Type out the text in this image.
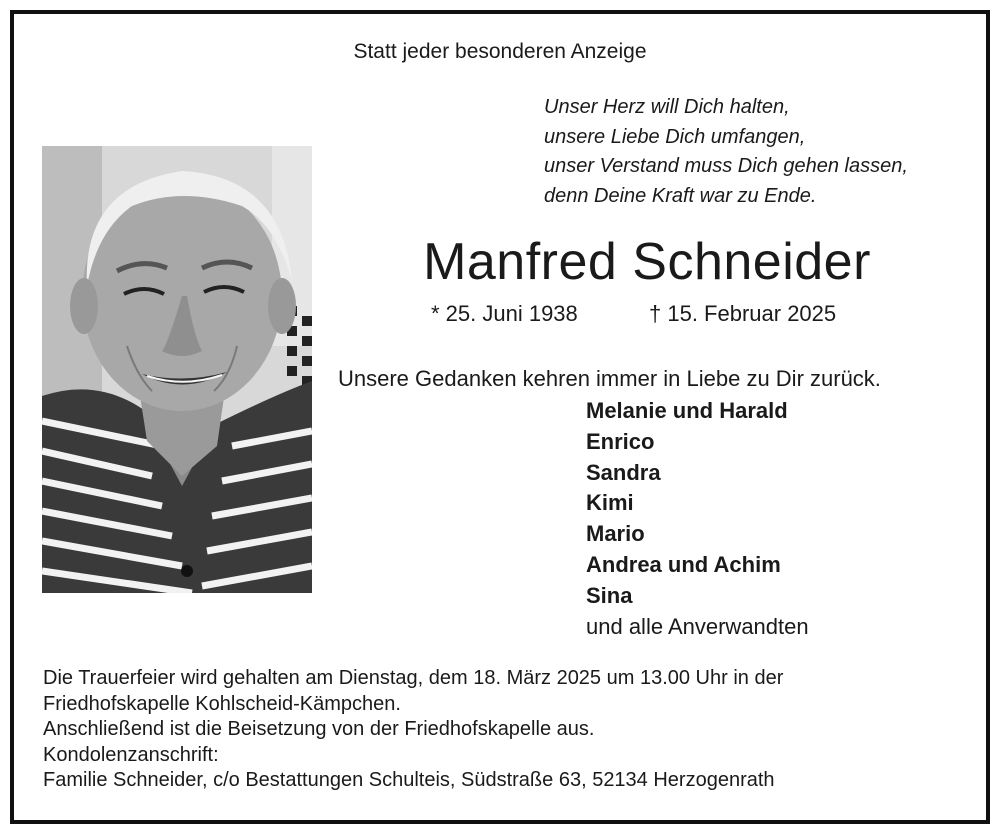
Statt jeder besonderen Anzeige
Unser Herz will Dich halten,
unsere Liebe Dich umfangen,
unser Verstand muss Dich gehen lassen,
denn Deine Kraft war zu Ende.
Manfred Schneider
* 25. Juni 1938	† 15. Februar 2025
Unsere Gedanken kehren immer in Liebe zu Dir zurück.
Melanie und Harald
Enrico
Sandra
Kimi
Mario
Andrea und Achim
Sina
und alle Anverwandten
Die Trauerfeier wird gehalten am Dienstag, dem 18. März 2025 um 13.00 Uhr in der
Friedhofskapelle Kohlscheid-Kämpchen.
Anschließend ist die Beisetzung von der Friedhofskapelle aus.
Kondolenzanschrift:
Familie Schneider, c/o Bestattungen Schulteis, Südstraße 63, 52134 Herzogenrath
